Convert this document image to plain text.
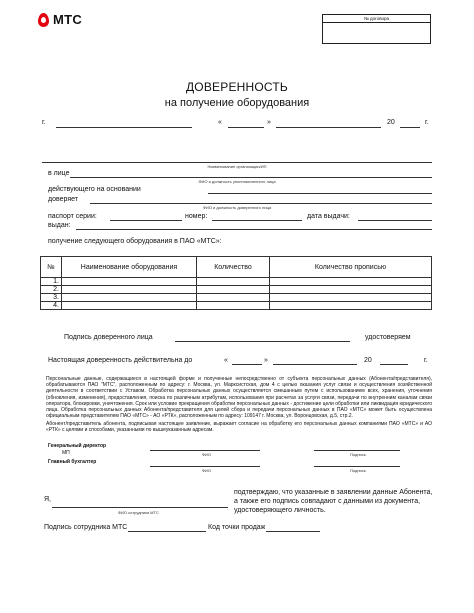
МТС	№ договора
ДОВЕРЕННОСТЬ
на получение оборудования
г.	«	»	20	г.
Наименование организации/ИП
в лице
ФИО и должность уполномоченного лица
действующего на основании
доверяет
ФИО и должность доверенного лица
паспорт серии:	номер:	дата выдачи:
выдан:
получение следующего оборудования в ПАО «МТС»:
№	Наименование оборудования	Количество	Количество прописью
1.			
2.			
3.			
4.			
Подпись доверенного лица	удостоверяем
Настоящая доверенность действительна до	«	»	20	г.
Персональные данные, содержащиеся в настоящей форме и полученные непосредственно от субъекта персональных данных (Абонента/представителя), обрабатываются ПАО "МТС", расположенным по адресу: г. Москва, ул. Марксистская, дом 4 с целью оказания услуг связи и осуществления хозяйственной деятельности в соответствии с Уставом. Обработка персональных данных осуществляется смешанным путем с использованием всех, хранения, уточнения (обновления, изменения), предоставления, поиска по различным атрибутам, использования при расчетах за услуги связи, передачи по внутренним каналам связи оператора, блокировки, уничтожения. Срок или условие прекращения обработки персональных данных - достижение цели обработки или ликвидация юридического лица. Обработка персональных данных Абонента/представителя для целей сбора и передачи персональных данных в ПАО «МТС» может быть осуществлена официальным представителем ПАО «МТС» - АО «РТК», расположенным по адресу: 109147 г. Москва, ул. Воронцовская, д.5, стр.2.
Абонент/представитель абонента, подписывая настоящее заявление, выражает согласие на обработку его персональных данных компаниями ПАО «МТС» и АО «РТК» с целями и способами, указанными по вышеуказанным адресам.
Генеральный директор
МП	ФИО	Подпись
Главный бухгалтер
ФИО	Подпись
Я,
ФИО сотрудника МТС
подтверждаю, что указанные в заявлении данные Абонента, а также его подпись совпадают с данными из документа, удостоверяющего личность.
Подпись сотрудника МТС	Код точки продаж
